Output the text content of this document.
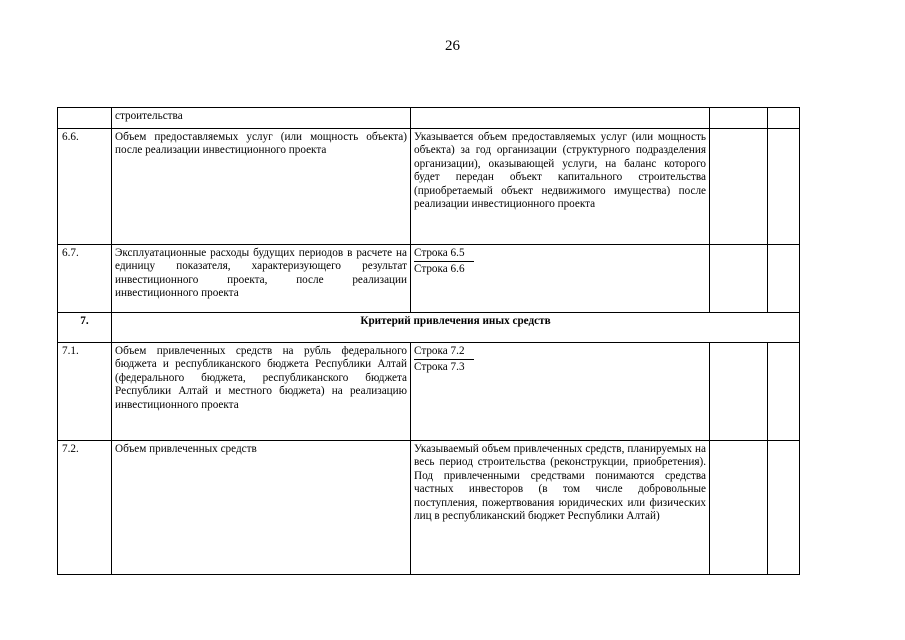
26
	строительства			
6.6.	Объем предоставляемых услуг (или мощность объекта) после реализации инвестиционного проекта	Указывается объем предоставляемых услуг (или мощность объекта) за год организации (структурного подразделения организации), оказывающей услуги, на баланс которого будет передан объект капитального строительства (приобретаемый объект недвижимого имущества) после реализации инвестиционного проекта		
6.7.	Эксплуатационные расходы будущих периодов в расчете на единицу показателя, характеризующего результат инвестиционного проекта, после реализации инвестиционного проекта	Строка 6.5
Строка 6.6		
7.	Критерий привлечения иных средств			
7.1.	Объем привлеченных средств на рубль федерального бюджета и республиканского бюджета Республики Алтай (федерального бюджета, республиканского бюджета Республики Алтай и местного бюджета) на реализацию инвестиционного проекта	Строка 7.2
Строка 7.3		
7.2.	Объем привлеченных средств	Указываемый объем привлеченных средств, планируемых на весь период строительства (реконструкции, приобретения). Под привлеченными средствами понимаются средства частных инвесторов (в том числе добровольные поступления, пожертвования юридических или физических лиц в республиканский бюджет Республики Алтай)		
